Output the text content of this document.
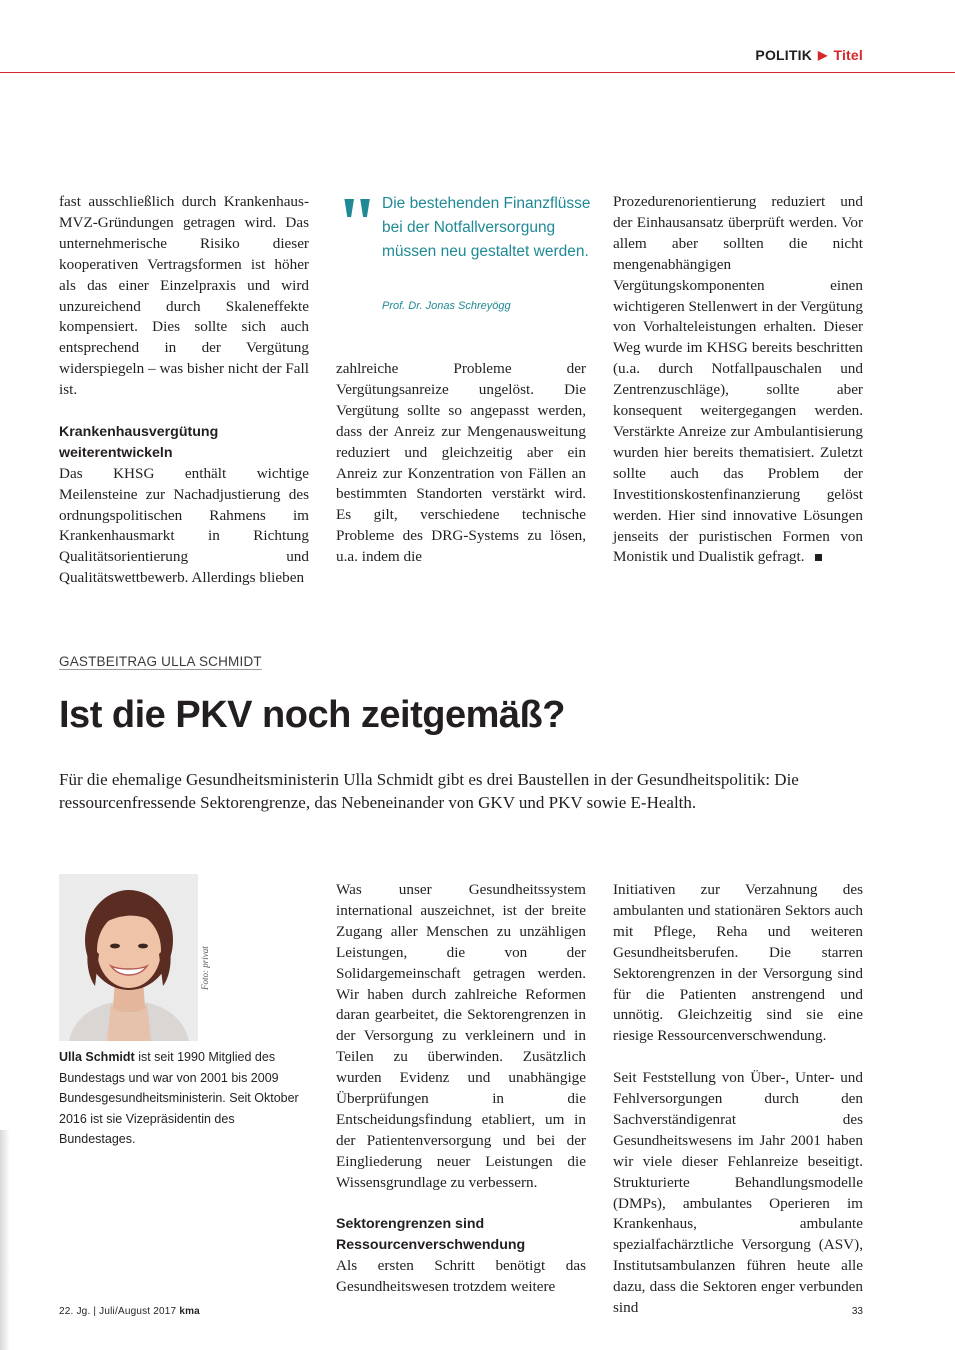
POLITIK ▶ Titel

fast ausschließlich durch Krankenhaus-MVZ-Gründungen getragen wird. Das unternehmerische Risiko dieser kooperativen Vertragsformen ist höher als das einer Einzelpraxis und wird unzureichend durch Skaleneffekte kompensiert. Dies sollte sich auch entsprechend in der Vergütung widerspiegeln – was bisher nicht der Fall ist.

Krankenhausvergütung weiterentwickeln

Das KHSG enthält wichtige Meilensteine zur Nachadjustierung des ordnungspolitischen Rahmens im Krankenhausmarkt in Richtung Qualitätsorientierung und Qualitätswettbewerb. Allerdings blieben

" Die bestehenden Finanzflüsse bei der Notfallversorgung müssen neu gestaltet werden.
Prof. Dr. Jonas Schreyögg

zahlreiche Probleme der Vergütungsanreize ungelöst. Die Vergütung sollte so angepasst werden, dass der Anreiz zur Mengenausweitung reduziert und gleichzeitig aber ein Anreiz zur Konzentration von Fällen an bestimmten Standorten verstärkt wird. Es gilt, verschiedene technische Probleme des DRG-Systems zu lösen, u.a. indem die

Prozedurenorientierung reduziert und der Einhausansatz überprüft werden. Vor allem aber sollten die nicht mengenabhängigen Vergütungskomponenten einen wichtigeren Stellenwert in der Vergütung von Vorhalteleistungen erhalten. Dieser Weg wurde im KHSG bereits beschritten (u.a. durch Notfallpauschalen und Zentrenzuschläge), sollte aber konsequent weitergegangen werden. Verstärkte Anreize zur Ambulantisierung wurden hier bereits thematisiert. Zuletzt sollte auch das Problem der Investitionskostenfinanzierung gelöst werden. Hier sind innovative Lösungen jenseits der puristischen Formen von Monistik und Dualistik gefragt.

GASTBEITRAG ULLA SCHMIDT
Ist die PKV noch zeitgemäß?
Für die ehemalige Gesundheitsministerin Ulla Schmidt gibt es drei Baustellen in der Gesundheitspolitik: Die ressourcenfressende Sektorengrenze, das Nebeneinander von GKV und PKV sowie E-Health.
Foto: privat
Ulla Schmidt ist seit 1990 Mitglied des Bundestags und war von 2001 bis 2009 Bundesgesundheitsministerin. Seit Oktober 2016 ist sie Vizepräsidentin des Bundestages.

Was unser Gesundheitssystem international auszeichnet, ist der breite Zugang aller Menschen zu unzähligen Leistungen, die von der Solidargemeinschaft getragen werden. Wir haben durch zahlreiche Reformen daran gearbeitet, die Sektorengrenzen in der Versorgung zu verkleinern und in Teilen zu überwinden. Zusätzlich wurden Evidenz und unabhängige Überprüfungen in die Entscheidungsfindung etabliert, um in der Patientenversorgung und bei der Eingliederung neuer Leistungen die Wissensgrundlage zu verbessern.

Sektorengrenzen sind Ressourcenverschwendung

Als ersten Schritt benötigt das Gesundheitswesen trotzdem weitere

Initiativen zur Verzahnung des ambulanten und stationären Sektors auch mit Pflege, Reha und weiteren Gesundheitsberufen. Die starren Sektorengrenzen in der Versorgung sind für die Patienten anstrengend und unnötig. Gleichzeitig sind sie eine riesige Ressourcenverschwendung.

Seit Feststellung von Über-, Unter- und Fehlversorgungen durch den Sachverständigenrat des Gesundheitswesens im Jahr 2001 haben wir viele dieser Fehlanreize beseitigt. Strukturierte Behandlungsmodelle (DMPs), ambulantes Operieren im Krankenhaus, ambulante spezialfachärztliche Versorgung (ASV), Institutsambulanzen führen heute alle dazu, dass die Sektoren enger verbunden sind

22. Jg. | Juli/August 2017 kma	33
